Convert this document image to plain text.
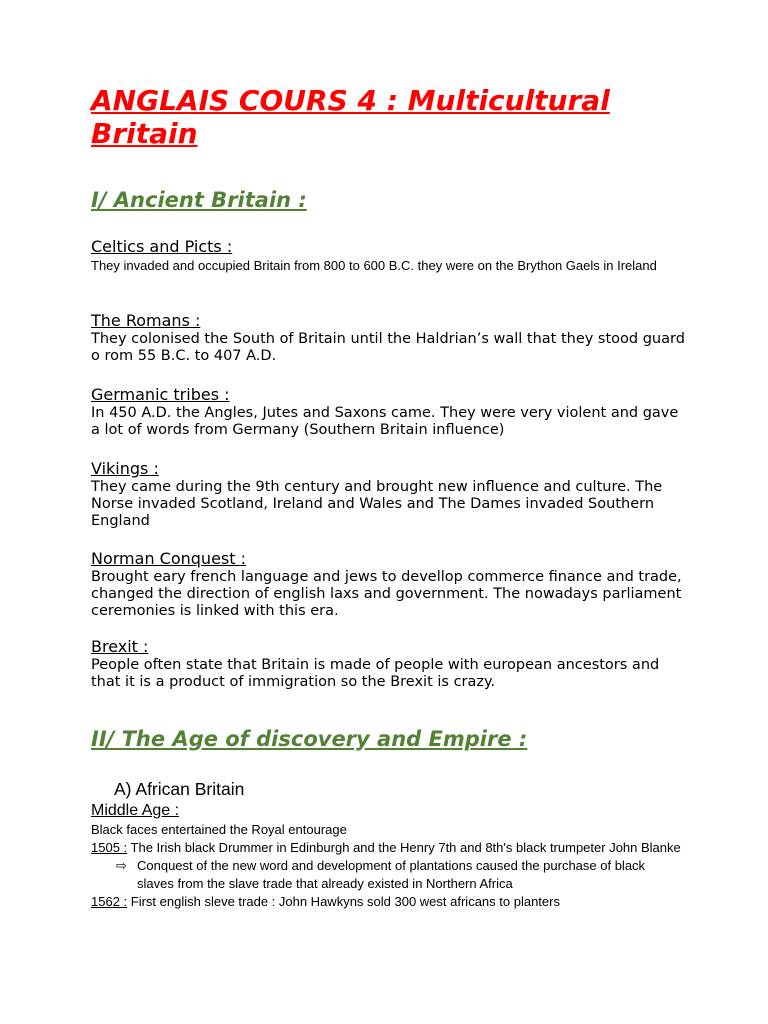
ANGLAIS COURS 4 : Multicultural Britain
I/ Ancient Britain :

Celtics and Picts :

They invaded and occupied Britain from 800 to 600 B.C. they were on the Brython Gaels in Ireland

The Romans :

They colonised the South of Britain until the Haldrian’s wall that they stood guard o rom 55 B.C. to 407 A.D.

Germanic tribes :

In 450 A.D. the Angles, Jutes and Saxons came. They were very violent and gave a lot of words from Germany (Southern Britain influence)

Vikings :

They came during the 9th century and brought new influence and culture. The Norse invaded Scotland, Ireland and Wales and The Dames invaded Southern England

Norman Conquest :

Brought eary french language and jews to devellop commerce finance and trade, changed the direction of english laxs and government. The nowadays parliament ceremonies is linked with this era.

Brexit :

People often state that Britain is made of people with european ancestors and that it is a product of immigration so the Brexit is crazy.

II/ The Age of discovery and Empire :
A) African Britain

Middle Age :

Black faces entertained the Royal entourage

1505 : The Irish black Drummer in Edinburgh and the Henry 7th and 8th's black trumpeter John Blanke

⇨ Conquest of the new word and development of plantations caused the purchase of black slaves from the slave trade that already existed in Northern Africa

1562 : First english sleve trade : John Hawkyns sold 300 west africans to planters
